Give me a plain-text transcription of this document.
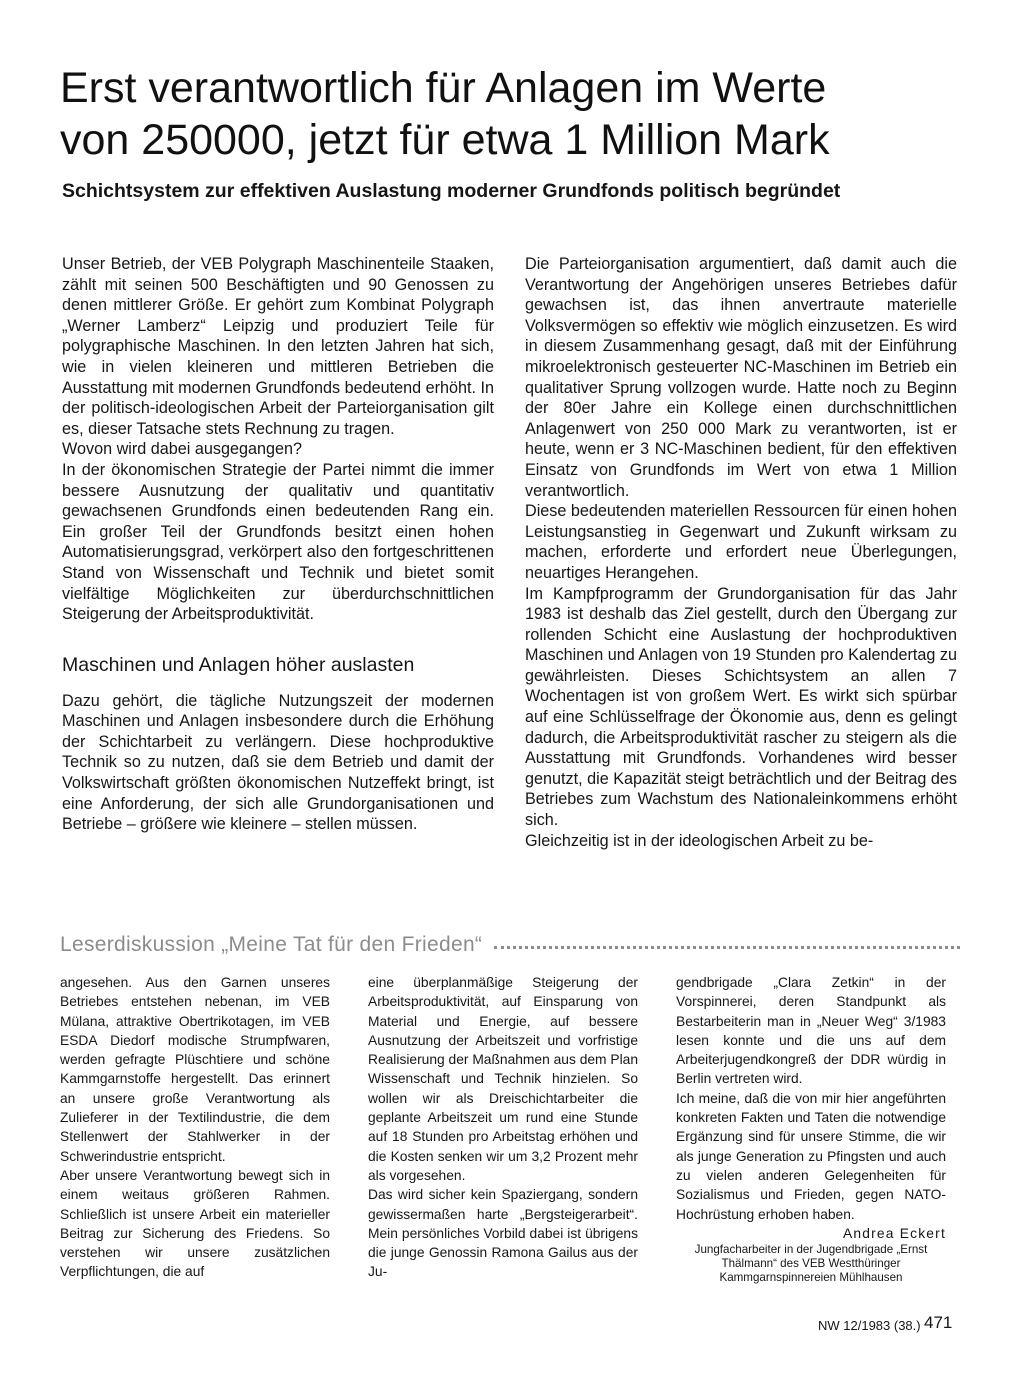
Erst verantwortlich für Anlagen im Werte
von 250000, jetzt für etwa 1 Million Mark
Schichtsystem zur effektiven Auslastung moderner Grundfonds politisch begründet

Unser Betrieb, der VEB Polygraph Maschinenteile Staaken, zählt mit seinen 500 Beschäftigten und 90 Genossen zu denen mittlerer Größe. Er gehört zum Kombinat Polygraph „Werner Lamberz“ Leipzig und produziert Teile für polygraphische Maschinen. In den letzten Jahren hat sich, wie in vielen kleineren und mittleren Betrieben die Ausstattung mit modernen Grundfonds bedeutend erhöht. In der politisch-ideologischen Arbeit der Parteiorganisation gilt es, dieser Tatsache stets Rechnung zu tragen.

Wovon wird dabei ausgegangen?

In der ökonomischen Strategie der Partei nimmt die immer bessere Ausnutzung der qualitativ und quantitativ gewachsenen Grundfonds einen bedeutenden Rang ein. Ein großer Teil der Grundfonds besitzt einen hohen Automatisierungsgrad, verkörpert also den fortgeschrittenen Stand von Wissenschaft und Technik und bietet somit vielfältige Möglichkeiten zur überdurchschnittlichen Steigerung der Arbeitsproduktivität.

Maschinen und Anlagen höher auslasten

Dazu gehört, die tägliche Nutzungszeit der modernen Maschinen und Anlagen insbesondere durch die Erhöhung der Schichtarbeit zu verlängern. Diese hochproduktive Technik so zu nutzen, daß sie dem Betrieb und damit der Volkswirtschaft größten ökonomischen Nutzeffekt bringt, ist eine Anforderung, der sich alle Grundorganisationen und Betriebe – größere wie kleinere – stellen müssen.

Die Parteiorganisation argumentiert, daß damit auch die Verantwortung der Angehörigen unseres Betriebes dafür gewachsen ist, das ihnen anvertraute materielle Volksvermögen so effektiv wie möglich einzusetzen. Es wird in diesem Zusammenhang gesagt, daß mit der Einführung mikroelektronisch gesteuerter NC-Maschinen im Betrieb ein qualitativer Sprung vollzogen wurde. Hatte noch zu Beginn der 80er Jahre ein Kollege einen durchschnittlichen Anlagenwert von 250 000 Mark zu verantworten, ist er heute, wenn er 3 NC-Maschinen bedient, für den effektiven Einsatz von Grundfonds im Wert von etwa 1 Million verantwortlich.

Diese bedeutenden materiellen Ressourcen für einen hohen Leistungsanstieg in Gegenwart und Zukunft wirksam zu machen, erforderte und erfordert neue Überlegungen, neuartiges Herangehen.

Im Kampfprogramm der Grundorganisation für das Jahr 1983 ist deshalb das Ziel gestellt, durch den Übergang zur rollenden Schicht eine Auslastung der hochproduktiven Maschinen und Anlagen von 19 Stunden pro Kalendertag zu gewährleisten. Dieses Schichtsystem an allen 7 Wochentagen ist von großem Wert. Es wirkt sich spürbar auf eine Schlüsselfrage der Ökonomie aus, denn es gelingt dadurch, die Arbeitsproduktivität rascher zu steigern als die Ausstattung mit Grundfonds. Vorhandenes wird besser genutzt, die Kapazität steigt beträchtlich und der Beitrag des Betriebes zum Wachstum des Nationaleinkommens erhöht sich.

Gleichzeitig ist in der ideologischen Arbeit zu be-

Leserdiskussion „Meine Tat für den Frieden“

angesehen. Aus den Garnen unseres Betriebes entstehen nebenan, im VEB Mülana, attraktive Obertrikotagen, im VEB ESDA Diedorf modische Strumpfwaren, werden gefragte Plüschtiere und schöne Kammgarnstoffe hergestellt. Das erinnert an unsere große Verantwortung als Zulieferer in der Textilindustrie, die dem Stellenwert der Stahlwerker in der Schwerindustrie entspricht.

Aber unsere Verantwortung bewegt sich in einem weitaus größeren Rahmen. Schließlich ist unsere Arbeit ein materieller Beitrag zur Sicherung des Friedens. So verstehen wir unsere zusätzlichen Verpflichtungen, die auf

eine überplanmäßige Steigerung der Arbeitsproduktivität, auf Einsparung von Material und Energie, auf bessere Ausnutzung der Arbeitszeit und vorfristige Realisierung der Maßnahmen aus dem Plan Wissenschaft und Technik hinzielen. So wollen wir als Dreischichtarbeiter die geplante Arbeitszeit um rund eine Stunde auf 18 Stunden pro Arbeitstag erhöhen und die Kosten senken wir um 3,2 Prozent mehr als vorgesehen.

Das wird sicher kein Spaziergang, sondern gewissermaßen harte „Bergsteigerarbeit“. Mein persönliches Vorbild dabei ist übrigens die junge Genossin Ramona Gailus aus der Ju-

gendbrigade „Clara Zetkin“ in der Vorspinnerei, deren Standpunkt als Bestarbeiterin man in „Neuer Weg“ 3/1983 lesen konnte und die uns auf dem Arbeiterjugendkongreß der DDR würdig in Berlin vertreten wird.

Ich meine, daß die von mir hier angeführten konkreten Fakten und Taten die notwendige Ergänzung sind für unsere Stimme, die wir als junge Generation zu Pfingsten und auch zu vielen anderen Gelegenheiten für Sozialismus und Frieden, gegen NATO-Hochrüstung erhoben haben.

Andrea Eckert

Jungfacharbeiter in der Jugendbrigade „Ernst Thälmann“ des VEB Westthüringer Kammgarnspinnereien Mühlhausen

NW 12/1983 (38.) 471
